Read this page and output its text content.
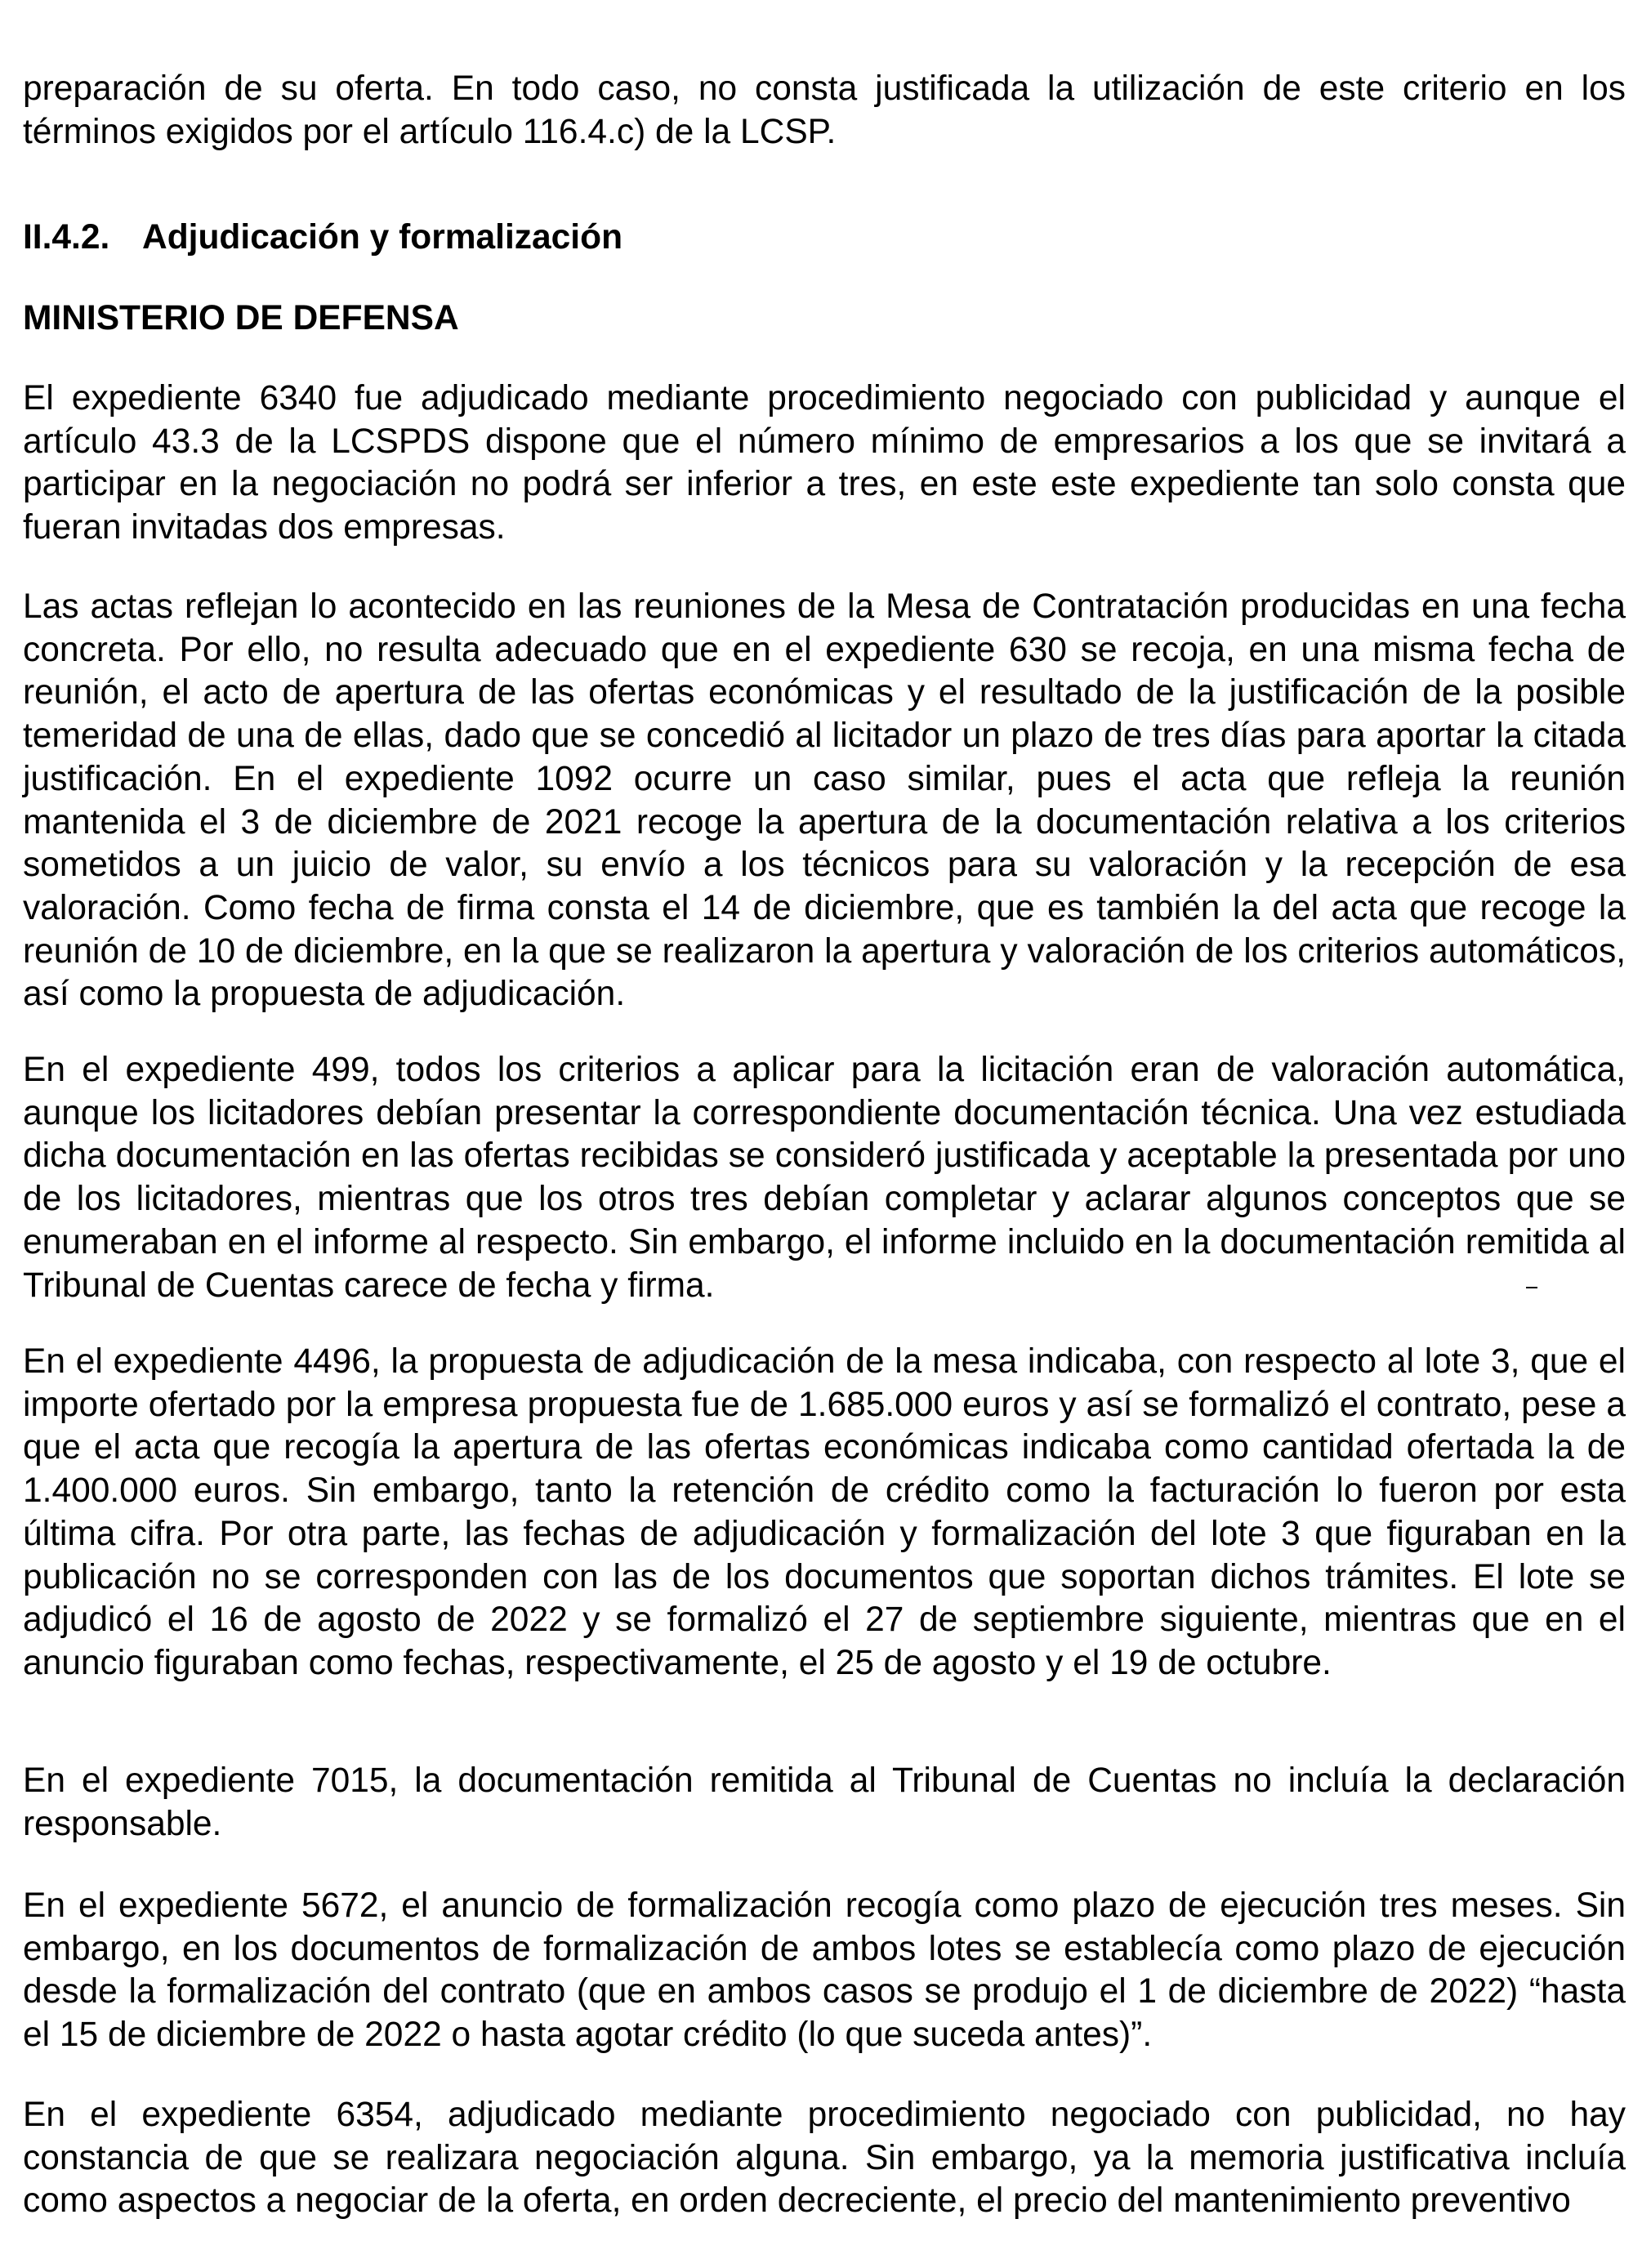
preparación de su oferta. En todo caso, no consta justificada la utilización de este criterio en los términos exigidos por el artículo 116.4.c) de la LCSP.

II.4.2. Adjudicación y formalización
MINISTERIO DE DEFENSA

El expediente 6340 fue adjudicado mediante procedimiento negociado con publicidad y aunque el artículo 43.3 de la LCSPDS dispone que el número mínimo de empresarios a los que se invitará a participar en la negociación no podrá ser inferior a tres, en este este expediente tan solo consta que fueran invitadas dos empresas.

Las actas reflejan lo acontecido en las reuniones de la Mesa de Contratación producidas en una fecha concreta. Por ello, no resulta adecuado que en el expediente 630 se recoja, en una misma fecha de reunión, el acto de apertura de las ofertas económicas y el resultado de la justificación de la posible temeridad de una de ellas, dado que se concedió al licitador un plazo de tres días para aportar la citada justificación. En el expediente 1092 ocurre un caso similar, pues el acta que refleja la reunión mantenida el 3 de diciembre de 2021 recoge la apertura de la documentación relativa a los criterios sometidos a un juicio de valor, su envío a los técnicos para su valoración y la recepción de esa valoración. Como fecha de firma consta el 14 de diciembre, que es también la del acta que recoge la reunión de 10 de diciembre, en la que se realizaron la apertura y valoración de los criterios automáticos, así como la propuesta de adjudicación.

En el expediente 499, todos los criterios a aplicar para la licitación eran de valoración automática, aunque los licitadores debían presentar la correspondiente documentación técnica. Una vez estudiada dicha documentación en las ofertas recibidas se consideró justificada y aceptable la presentada por uno de los licitadores, mientras que los otros tres debían completar y aclarar algunos conceptos que se enumeraban en el informe al respecto. Sin embargo, el informe incluido en la documentación remitida al Tribunal de Cuentas carece de fecha y firma.

En el expediente 4496, la propuesta de adjudicación de la mesa indicaba, con respecto al lote 3, que el importe ofertado por la empresa propuesta fue de 1.685.000 euros y así se formalizó el contrato, pese a que el acta que recogía la apertura de las ofertas económicas indicaba como cantidad ofertada la de 1.400.000 euros. Sin embargo, tanto la retención de crédito como la facturación lo fueron por esta última cifra. Por otra parte, las fechas de adjudicación y formalización del lote 3 que figuraban en la publicación no se corresponden con las de los documentos que soportan dichos trámites. El lote se adjudicó el 16 de agosto de 2022 y se formalizó el 27 de septiembre siguiente, mientras que en el anuncio figuraban como fechas, respectivamente, el 25 de agosto y el 19 de octubre.

En el expediente 7015, la documentación remitida al Tribunal de Cuentas no incluía la declaración responsable.

En el expediente 5672, el anuncio de formalización recogía como plazo de ejecución tres meses. Sin embargo, en los documentos de formalización de ambos lotes se establecía como plazo de ejecución desde la formalización del contrato (que en ambos casos se produjo el 1 de diciembre de 2022) “hasta el 15 de diciembre de 2022 o hasta agotar crédito (lo que suceda antes)”.

En el expediente 6354, adjudicado mediante procedimiento negociado con publicidad, no hay constancia de que se realizara negociación alguna. Sin embargo, ya la memoria justificativa incluía como aspectos a negociar de la oferta, en orden decreciente, el precio del mantenimiento preventivo
